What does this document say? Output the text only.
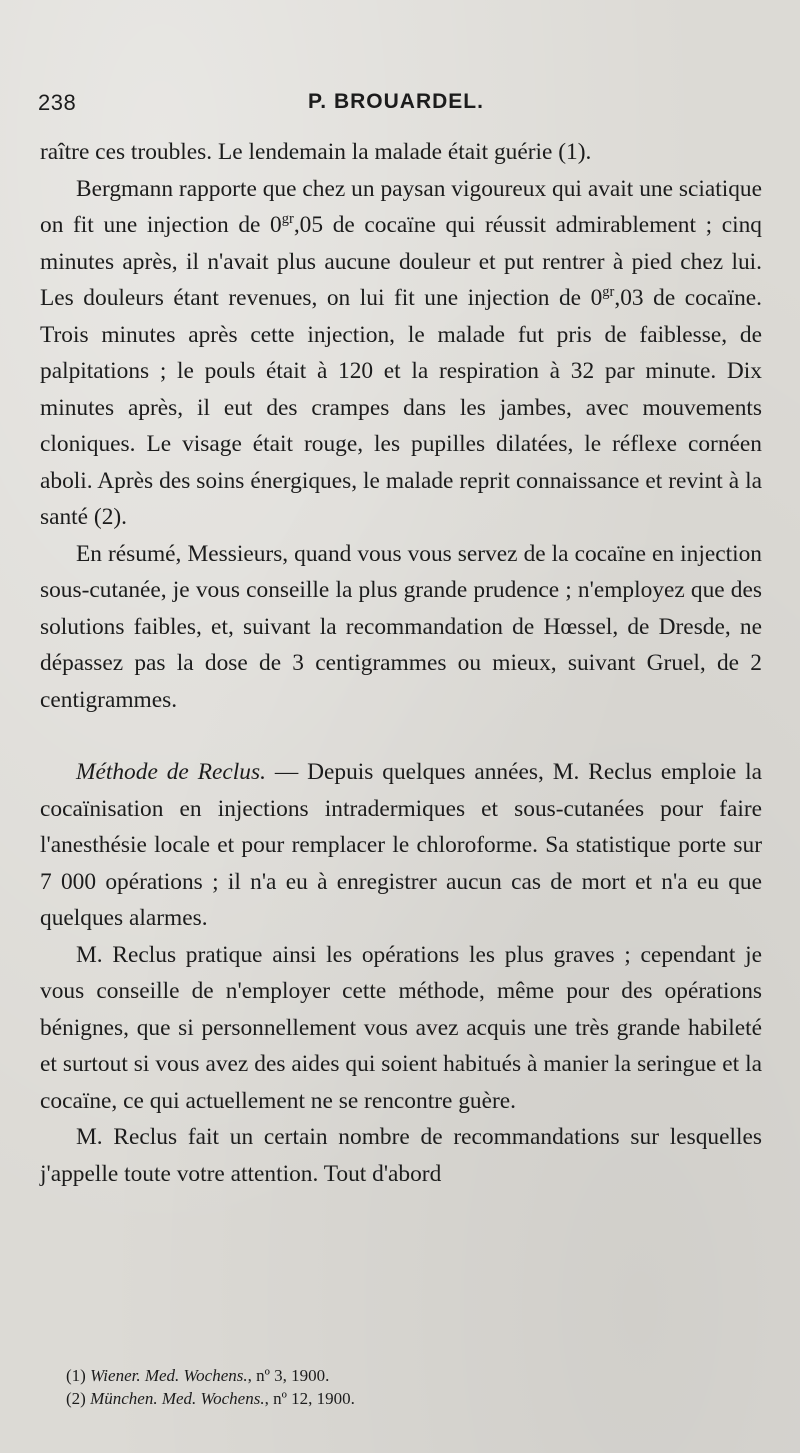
238	P. BROUARDEL.

raître ces troubles. Le lendemain la malade était guérie (1).

Bergmann rapporte que chez un paysan vigoureux qui avait une sciatique on fit une injection de $0^{gr},05$ de cocaïne qui réussit admirablement ; cinq minutes après, il n'avait plus aucune douleur et put rentrer à pied chez lui. Les douleurs étant revenues, on lui fit une injection de $0^{gr},03$ de cocaïne. Trois minutes après cette injection, le malade fut pris de faiblesse, de palpitations ; le pouls était à 120 et la respiration à 32 par minute. Dix minutes après, il eut des crampes dans les jambes, avec mouvements cloniques. Le visage était rouge, les pupilles dilatées, le réflexe cornéen aboli. Après des soins énergiques, le malade reprit connaissance et revint à la santé (2).

En résumé, Messieurs, quand vous vous servez de la cocaïne en injection sous-cutanée, je vous conseille la plus grande prudence ; n'employez que des solutions faibles, et, suivant la recommandation de Hœssel, de Dresde, ne dépassez pas la dose de 3 centigrammes ou mieux, suivant Gruel, de 2 centigrammes.

Méthode de Reclus. — Depuis quelques années, M. Reclus emploie la cocaïnisation en injections intradermiques et sous-cutanées pour faire l'anesthésie locale et pour remplacer le chloroforme. Sa statistique porte sur 7 000 opérations ; il n'a eu à enregistrer aucun cas de mort et n'a eu que quelques alarmes.

M. Reclus pratique ainsi les opérations les plus graves ; cependant je vous conseille de n'employer cette méthode, même pour des opérations bénignes, que si personnellement vous avez acquis une très grande habileté et surtout si vous avez des aides qui soient habitués à manier la seringue et la cocaïne, ce qui actuellement ne se rencontre guère.

M. Reclus fait un certain nombre de recommandations sur lesquelles j'appelle toute votre attention. Tout d'abord

(1) Wiener. Med. Wochens., nº 3, 1900.

(2) München. Med. Wochens., nº 12, 1900.
